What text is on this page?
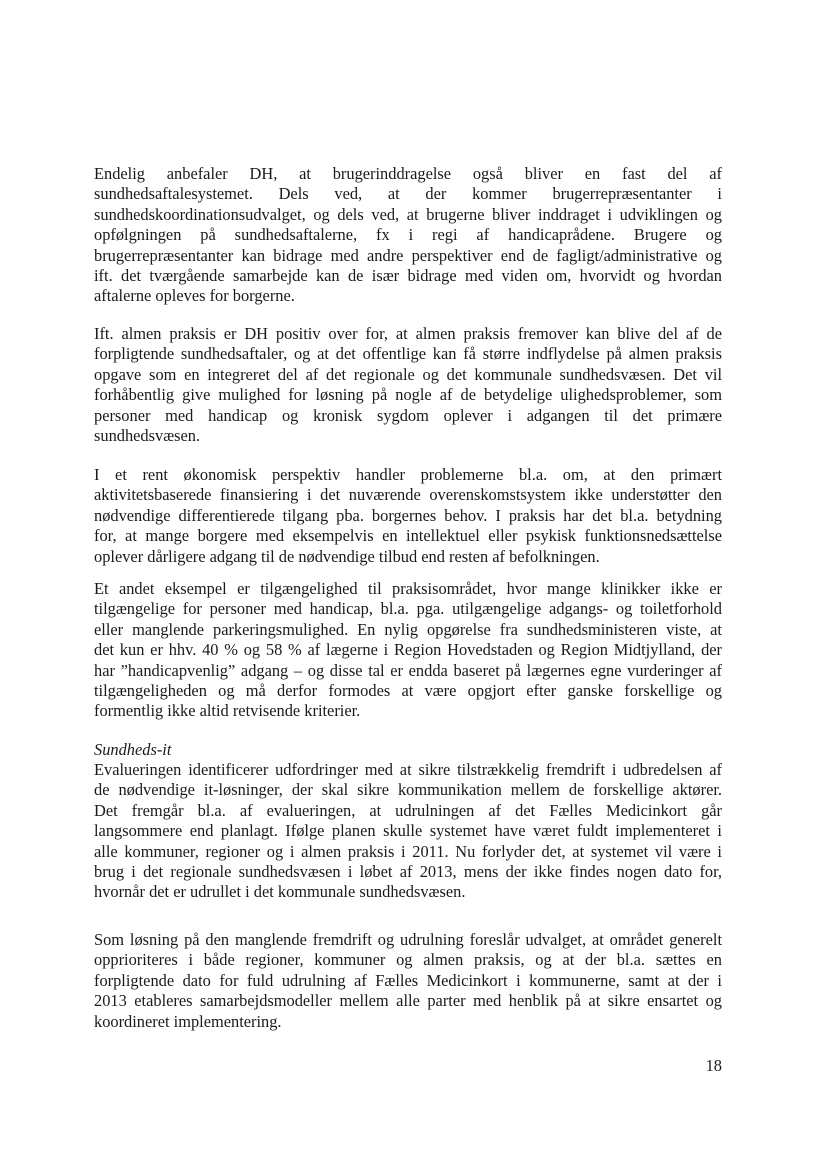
Endelig anbefaler DH, at brugerinddragelse også bliver en fast del af
sundhedsaftalesystemet. Dels ved, at der kommer brugerrepræsentanter i
sundhedskoordinationsudvalget, og dels ved, at brugerne bliver inddraget i udviklingen og
opfølgningen på sundhedsaftalerne, fx i regi af handicaprådene. Brugere og
brugerrepræsentanter kan bidrage med andre perspektiver end de fagligt/administrative og
ift. det tværgående samarbejde kan de især bidrage med viden om, hvorvidt og hvordan
aftalerne opleves for borgerne.
Ift. almen praksis er DH positiv over for, at almen praksis fremover kan blive del af de
forpligtende sundhedsaftaler, og at det offentlige kan få større indflydelse på almen praksis
opgave som en integreret del af det regionale og det kommunale sundhedsvæsen. Det vil
forhåbentlig give mulighed for løsning på nogle af de betydelige ulighedsproblemer, som
personer med handicap og kronisk sygdom oplever i adgangen til det primære
sundhedsvæsen.
I et rent økonomisk perspektiv handler problemerne bl.a. om, at den primært
aktivitetsbaserede finansiering i det nuværende overenskomstsystem ikke understøtter den
nødvendige differentierede tilgang pba. borgernes behov. I praksis har det bl.a. betydning
for, at mange borgere med eksempelvis en intellektuel eller psykisk funktionsnedsættelse
oplever dårligere adgang til de nødvendige tilbud end resten af befolkningen.
Et andet eksempel er tilgængelighed til praksisområdet, hvor mange klinikker ikke er
tilgængelige for personer med handicap, bl.a. pga. utilgængelige adgangs- og toiletforhold
eller manglende parkeringsmulighed. En nylig opgørelse fra sundhedsministeren viste, at
det kun er hhv. 40 % og 58 % af lægerne i Region Hovedstaden og Region Midtjylland, der
har ”handicapvenlig” adgang – og disse tal er endda baseret på lægernes egne vurderinger af
tilgængeligheden og må derfor formodes at være opgjort efter ganske forskellige og
formentlig ikke altid retvisende kriterier.
Sundheds-it
Evalueringen identificerer udfordringer med at sikre tilstrækkelig fremdrift i udbredelsen af
de nødvendige it-løsninger, der skal sikre kommunikation mellem de forskellige aktører.
Det fremgår bl.a. af evalueringen, at udrulningen af det Fælles Medicinkort går
langsommere end planlagt. Ifølge planen skulle systemet have været fuldt implementeret i
alle kommuner, regioner og i almen praksis i 2011. Nu forlyder det, at systemet vil være i
brug i det regionale sundhedsvæsen i løbet af 2013, mens der ikke findes nogen dato for,
hvornår det er udrullet i det kommunale sundhedsvæsen.
Som løsning på den manglende fremdrift og udrulning foreslår udvalget, at området generelt
opprioriteres i både regioner, kommuner og almen praksis, og at der bl.a. sættes en
forpligtende dato for fuld udrulning af Fælles Medicinkort i kommunerne, samt at der i
2013 etableres samarbejdsmodeller mellem alle parter med henblik på at sikre ensartet og
koordineret implementering.
18
